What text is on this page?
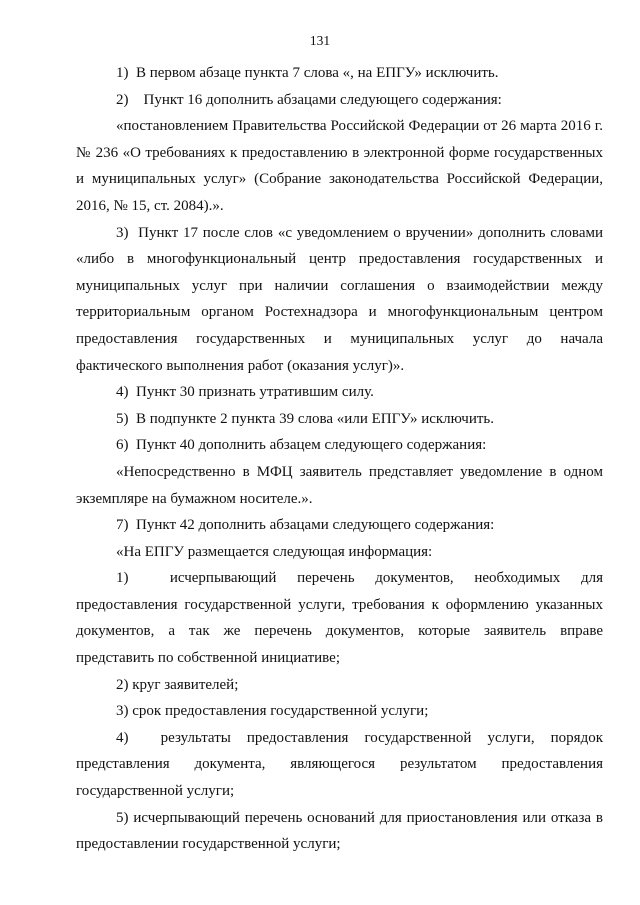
131

1)  В первом абзаце пункта 7 слова «, на ЕПГУ» исключить.

2)    Пункт 16 дополнить абзацами следующего содержания:

«постановлением Правительства Российской Федерации от 26 марта 2016 г. № 236 «О требованиях к предоставлению в электронной форме государственных и муниципальных услуг» (Собрание законодательства Российской Федерации, 2016, № 15, ст. 2084).».

3)  Пункт 17 после слов «с уведомлением о вручении» дополнить словами «либо в многофункциональный центр предоставления государственных и муниципальных услуг при наличии соглашения о взаимодействии между территориальным органом Ростехнадзора и многофункциональным центром предоставления государственных и муниципальных услуг до начала фактического выполнения работ (оказания услуг)».

4)  Пункт 30 признать утратившим силу.

5)  В подпункте 2 пункта 39 слова «или ЕПГУ» исключить.

6)  Пункт 40 дополнить абзацем следующего содержания:

«Непосредственно в МФЦ заявитель представляет уведомление в одном экземпляре на бумажном носителе.».

7)  Пункт 42 дополнить абзацами следующего содержания:

«На ЕПГУ размещается следующая информация:

1)  исчерпывающий перечень документов, необходимых для предоставления государственной услуги, требования к оформлению указанных документов, а так же перечень документов, которые заявитель вправе представить по собственной инициативе;

2) круг заявителей;

3) срок предоставления государственной услуги;

4)  результаты предоставления государственной услуги, порядок представления документа, являющегося результатом предоставления государственной услуги;

5) исчерпывающий перечень оснований для приостановления или отказа в предоставлении государственной услуги;
